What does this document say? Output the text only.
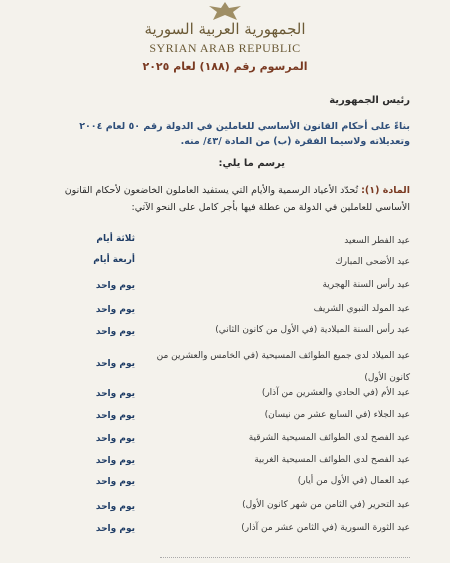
الجمهورية العربية السورية
SYRIAN ARAB REPUBLIC
المرسوم رقم (١٨٨) لعام ٢٠٢٥
رئيس الجمهورية
بناءً على أحكام القانون الأساسي للعاملين في الدولة رقم ٥٠ لعام ٢٠٠٤ وتعديلاته ولاسيما الفقرة (ب) من المادة /٤٣/ منه.
يرسم ما يلي:
المادة (١): تُحدّد الأعياد الرسمية والأيام التي يستفيد العاملون الخاضعون لأحكام القانون الأساسي للعاملين في الدولة من عطلة فيها بأجر كامل على النحو الآتي:
عيد الفطر السعيد
ثلاثة أيام
عيد الأضحى المبارك
أربعة أيام
عيد رأس السنة الهجرية
يوم واحد
عيد المولد النبوي الشريف
يوم واحد
عيد رأس السنة الميلادية (في الأول من كانون الثاني)
يوم واحد
عيد الميلاد لدى جميع الطوائف المسيحية (في الخامس والعشرين من كانون الأول)
يوم واحد
عيد الأم (في الحادي والعشرين من آذار)
يوم واحد
عيد الجلاء (في السابع عشر من نيسان)
يوم واحد
عيد الفصح لدى الطوائف المسيحية الشرقية
يوم واحد
عيد الفصح لدى الطوائف المسيحية الغربية
يوم واحد
عيد العمال (في الأول من أيار)
يوم واحد
عيد التحرير (في الثامن من شهر كانون الأول)
يوم واحد
عيد الثورة السورية (في الثامن عشر من آذار)
يوم واحد
